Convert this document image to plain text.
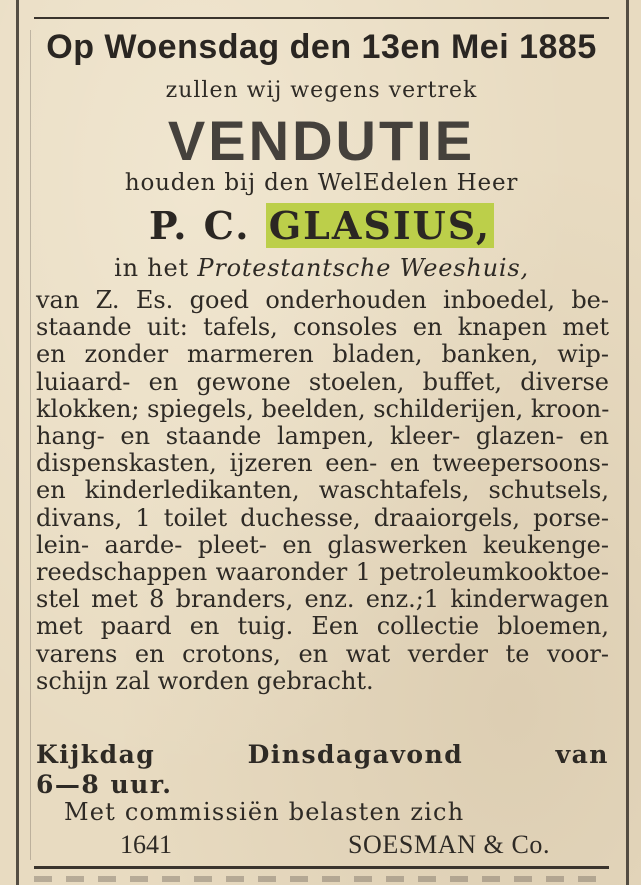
Op Woensdag den 13en Mei 1885
zullen wij wegens vertrek
VENDUTIE
houden bij den WelEdelen Heer
P. C. GLASIUS,
in het Protestantsche Weeshuis,
van Z. Es. goed onderhouden inboedel, be-
staande uit: tafels, consoles en knapen met
en zonder marmeren bladen, banken, wip-
luiaard- en gewone stoelen, buffet, diverse
klokken; spiegels, beelden, schilderijen, kroon-
hang- en staande lampen, kleer- glazen- en
dispenskasten, ijzeren een- en tweepersoons-
en kinderledikanten, waschtafels, schutsels,
divans, 1 toilet duchesse, draaiorgels, porse-
lein- aarde- pleet- en glaswerken keukenge-
reedschappen waaronder 1 petroleumkooktoe-
stel met 8 branders, enz. enz.;1 kinderwagen
met paard en tuig. Een collectie bloemen,
varens en crotons, en wat verder te voor-
schijn zal worden gebracht.
Kijkdag Dinsdagavond van
6—8 uur.
Met commissiën belasten zich
1641	SOESMAN & Co.
